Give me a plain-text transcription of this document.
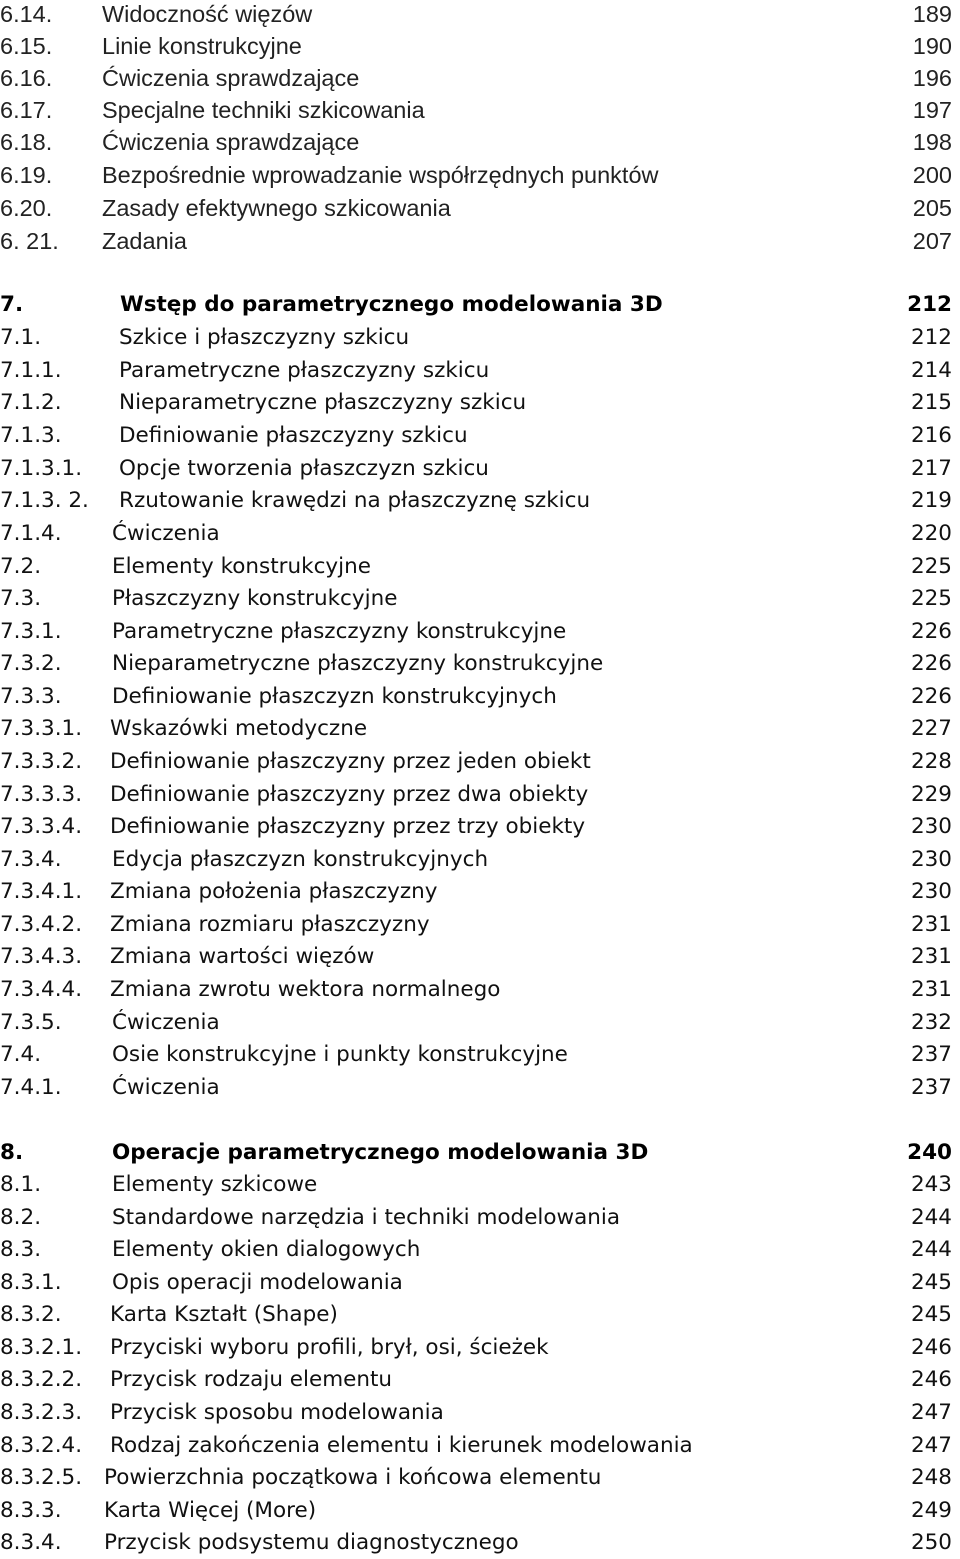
6.14. Widoczność więzów	189
6.15. Linie konstrukcyjne	190
6.16. Ćwiczenia sprawdzające	196
6.17. Specjalne techniki szkicowania	197
6.18. Ćwiczenia sprawdzające	198
6.19. Bezpośrednie wprowadzanie współrzędnych punktów	200
6.20. Zasady efektywnego szkicowania	205
6. 21. Zadania	207
7.	Wstęp do parametrycznego modelowania 3D	212
7.1.	Szkice i płaszczyzny szkicu	212
7.1.1.	Parametryczne płaszczyzny szkicu	214
7.1.2.	Nieparametryczne płaszczyzny szkicu	215
7.1.3.	Definiowanie płaszczyzny szkicu	216
7.1.3.1. Opcje tworzenia płaszczyzn szkicu	217
7.1.3. 2. Rzutowanie krawędzi na płaszczyznę szkicu	219
7.1.4. Ćwiczenia	220
7.2.	Elementy konstrukcyjne	225
7.3.	Płaszczyzny konstrukcyjne	225
7.3.1. Parametryczne płaszczyzny konstrukcyjne	226
7.3.2. Nieparametryczne płaszczyzny konstrukcyjne	226
7.3.3. Definiowanie płaszczyzn konstrukcyjnych	226
7.3.3.1. Wskazówki metodyczne	227
7.3.3.2. Definiowanie płaszczyzny przez jeden obiekt	228
7.3.3.3. Definiowanie płaszczyzny przez dwa obiekty	229
7.3.3.4. Definiowanie płaszczyzny przez trzy obiekty	230
7.3.4. Edycja płaszczyzn konstrukcyjnych	230
7.3.4.1. Zmiana położenia płaszczyzny	230
7.3.4.2. Zmiana rozmiaru płaszczyzny	231
7.3.4.3. Zmiana wartości więzów	231
7.3.4.4. Zmiana zwrotu wektora normalnego	231
7.3.5. Ćwiczenia	232
7.4.	Osie konstrukcyjne i punkty konstrukcyjne	237
7.4.1. Ćwiczenia	237
8.	Operacje parametrycznego modelowania 3D	240
8.1.	Elementy szkicowe	243
8.2.	Standardowe narzędzia i techniki modelowania	244
8.3.	Elementy okien dialogowych	244
8.3.1. Opis operacji modelowania	245
8.3.2. Karta Kształt (Shape)	245
8.3.2.1. Przyciski wyboru profili, brył, osi, ścieżek	246
8.3.2.2. Przycisk rodzaju elementu	246
8.3.2.3. Przycisk sposobu modelowania	247
8.3.2.4. Rodzaj zakończenia elementu i kierunek modelowania	247
8.3.2.5. Powierzchnia początkowa i końcowa elementu	248
8.3.3. Karta Więcej (More)	249
8.3.4. Przycisk podsystemu diagnostycznego	250
